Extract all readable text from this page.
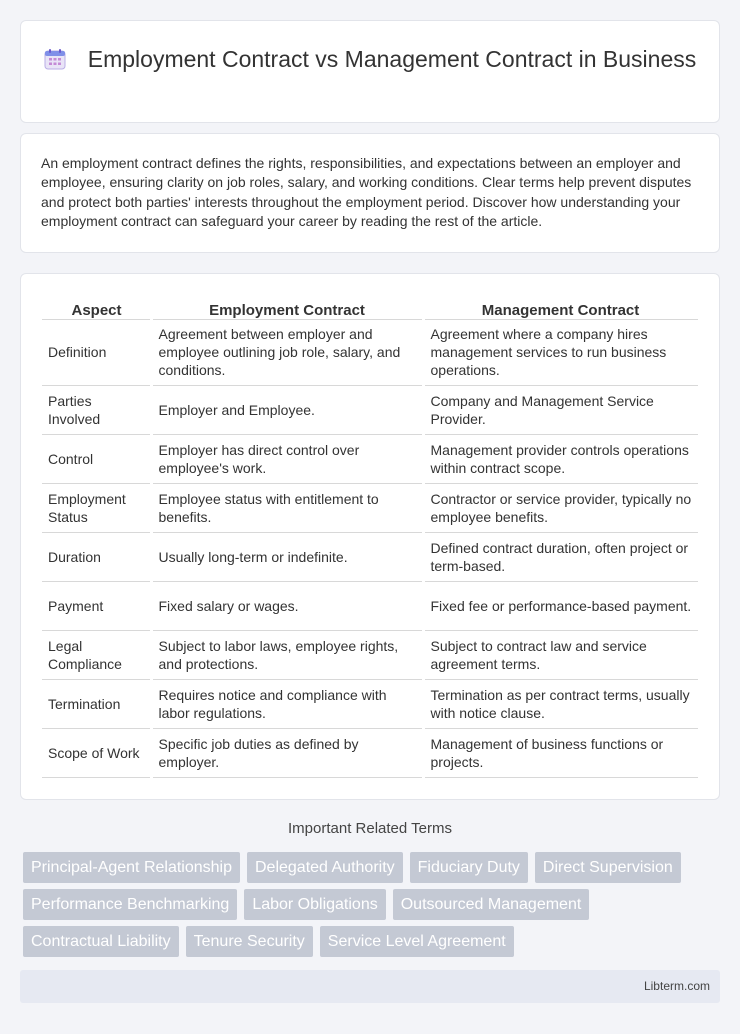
Employment Contract vs Management Contract in Business

An employment contract defines the rights, responsibilities, and expectations between an employer and employee, ensuring clarity on job roles, salary, and working conditions. Clear terms help prevent disputes and protect both parties' interests throughout the employment period. Discover how understanding your employment contract can safeguard your career by reading the rest of the article.

Aspect	Employment Contract	Management Contract
Definition	Agreement between employer and employee outlining job role, salary, and conditions.	Agreement where a company hires management services to run business operations.
Parties Involved	Employer and Employee.	Company and Management Service Provider.
Control	Employer has direct control over employee's work.	Management provider controls operations within contract scope.
Employment Status	Employee status with entitlement to benefits.	Contractor or service provider, typically no employee benefits.
Duration	Usually long-term or indefinite.	Defined contract duration, often project or term-based.
Payment	Fixed salary or wages.	Fixed fee or performance-based payment.
Legal Compliance	Subject to labor laws, employee rights, and protections.	Subject to contract law and service agreement terms.
Termination	Requires notice and compliance with labor regulations.	Termination as per contract terms, usually with notice clause.
Scope of Work	Specific job duties as defined by employer.	Management of business functions or projects.
Important Related Terms
Principal-Agent Relationship	Delegated Authority	Fiduciary Duty	Direct Supervision
Performance Benchmarking	Labor Obligations	Outsourced Management
Contractual Liability	Tenure Security	Service Level Agreement
Libterm.com
